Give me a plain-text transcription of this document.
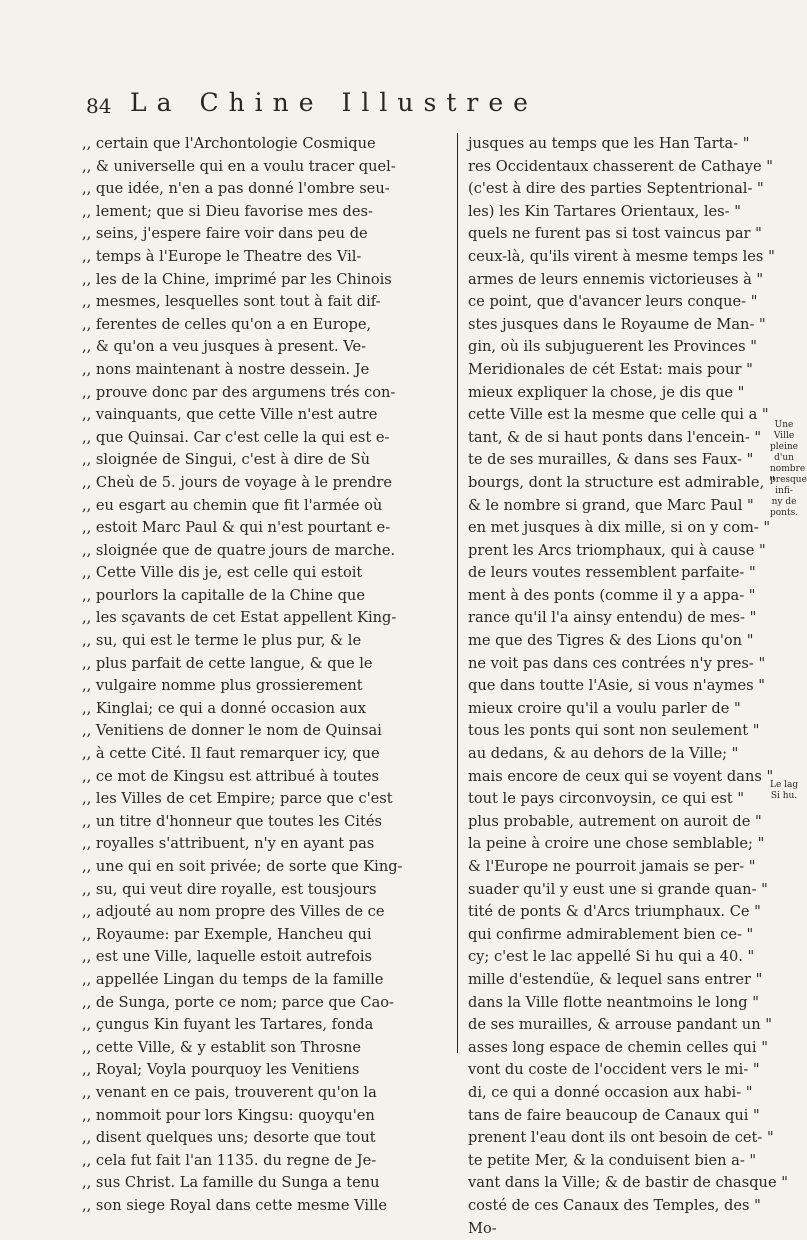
84 La Chine Illustree
,, certain que l'Archontologie Cosmique
,, & universelle qui en a voulu tracer quel-
,, que idée, n'en a pas donné l'ombre seu-
,, lement; que si Dieu favorise mes des-
,, seins, j'espere faire voir dans peu de
,, temps à l'Europe le Theatre des Vil-
,, les de la Chine, imprimé par les Chinois
,, mesmes, lesquelles sont tout à fait dif-
,, ferentes de celles qu'on a en Europe,
,, & qu'on a veu jusques à present. Ve-
,, nons maintenant à nostre dessein. Je
,, prouve donc par des argumens trés con-
,, vainquants, que cette Ville n'est autre
,, que Quinsai. Car c'est celle la qui est e-
,, sloignée de Singui, c'est à dire de Sù
,, Cheù de 5. jours de voyage à le prendre
,, eu esgart au chemin que fit l'armée où
,, estoit Marc Paul & qui n'est pourtant e-
,, sloignée que de quatre jours de marche.
,, Cette Ville dis je, est celle qui estoit
,, pourlors la capitalle de la Chine que
,, les sçavants de cet Estat appellent King-
,, su, qui est le terme le plus pur, & le
,, plus parfait de cette langue, & que le
,, vulgaire nomme plus grossierement
,, Kinglai; ce qui a donné occasion aux
,, Venitiens de donner le nom de Quinsai
,, à cette Cité. Il faut remarquer icy, que
,, ce mot de Kingsu est attribué à toutes
,, les Villes de cet Empire; parce que c'est
,, un titre d'honneur que toutes les Cités
,, royalles s'attribuent, n'y en ayant pas
,, une qui en soit privée; de sorte que King-
,, su, qui veut dire royalle, est tousjours
,, adjouté au nom propre des Villes de ce
,, Royaume: par Exemple, Hancheu qui
,, est une Ville, laquelle estoit autrefois
,, appellée Lingan du temps de la famille
,, de Sunga, porte ce nom; parce que Cao-
,, çungus Kin fuyant les Tartares, fonda
,, cette Ville, & y establit son Throsne
,, Royal; Voyla pourquoy les Venitiens
,, venant en ce pais, trouverent qu'on la
,, nommoit pour lors Kingsu: quoyqu'en
,, disent quelques uns; desorte que tout
,, cela fut fait l'an 1135. du regne de Je-
,, sus Christ. La famille du Sunga a tenu
,, son siege Royal dans cette mesme Ville
jusques au temps que les Han Tarta- "
res Occidentaux chasserent de Cathaye "
(c'est à dire des parties Septentrional- "
les) les Kin Tartares Orientaux, les- "
quels ne furent pas si tost vaincus par "
ceux-là, qu'ils virent à mesme temps les "
armes de leurs ennemis victorieuses à "
ce point, que d'avancer leurs conque- "
stes jusques dans le Royaume de Man- "
gin, où ils subjuguerent les Provinces "
Meridionales de cét Estat: mais pour "
mieux expliquer la chose, je dis que "
cette Ville est la mesme que celle qui a "
tant, & de si haut ponts dans l'encein- "
te de ses murailles, & dans ses Faux- "
bourgs, dont la structure est admirable, "
& le nombre si grand, que Marc Paul "
en met jusques à dix mille, si on y com- "
prent les Arcs triomphaux, qui à cause "
de leurs voutes ressemblent parfaite- "
ment à des ponts (comme il y a appa- "
rance qu'il l'a ainsy entendu) de mes- "
me que des Tigres & des Lions qu'on "
ne voit pas dans ces contrées n'y pres- "
que dans toutte l'Asie, si vous n'aymes "
mieux croire qu'il a voulu parler de "
tous les ponts qui sont non seulement "
au dedans, & au dehors de la Ville; "
mais encore de ceux qui se voyent dans "
tout le pays circonvoysin, ce qui est "
plus probable, autrement on auroit de "
la peine à croire une chose semblable; "
& l'Europe ne pourroit jamais se per- "
suader qu'il y eust une si grande quan- "
tité de ponts & d'Arcs triumphaux. Ce "
qui confirme admirablement bien ce- "
cy; c'est le lac appellé Si hu qui a 40. "
mille d'estendüe, & lequel sans entrer "
dans la Ville flotte neantmoins le long "
de ses murailles, & arrouse pandant un "
asses long espace de chemin celles qui "
vont du coste de l'occident vers le mi- "
di, ce qui a donné occasion aux habi- "
tans de faire beaucoup de Canaux qui "
prenent l'eau dont ils ont besoin de cet- "
te petite Mer, & la conduisent bien a- "
vant dans la Ville; & de bastir de chasque "
costé de ces Canaux des Temples, des "
Mo-
Une
Ville
pleine
d'un
nombre
presque
infi-
ny de
ponts.
Le lag
Si hu.
